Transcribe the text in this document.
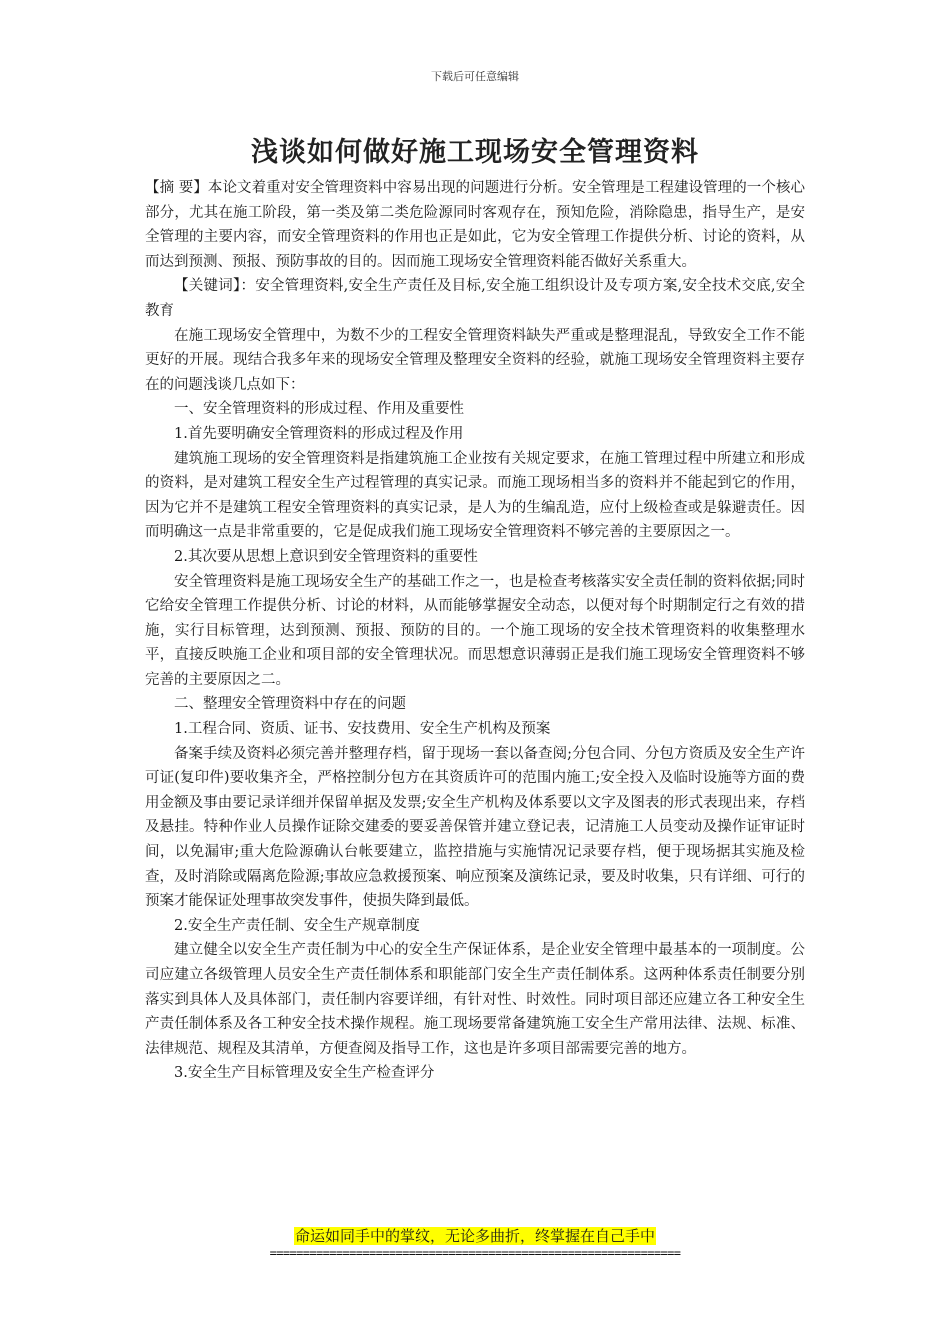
下载后可任意编辑
浅谈如何做好施工现场安全管理资料

【摘 要】本论文着重对安全管理资料中容易出现的问题进行分析。安全管理是工程建设管理的一个核心部分，尤其在施工阶段，第一类及第二类危险源同时客观存在，预知危险，消除隐患，指导生产，是安全管理的主要内容，而安全管理资料的作用也正是如此，它为安全管理工作提供分析、讨论的资料，从而达到预测、预报、预防事故的目的。因而施工现场安全管理资料能否做好关系重大。

【关键词】：安全管理资料,安全生产责任及目标,安全施工组织设计及专项方案,安全技术交底,安全教育

在施工现场安全管理中，为数不少的工程安全管理资料缺失严重或是整理混乱，导致安全工作不能更好的开展。现结合我多年来的现场安全管理及整理安全资料的经验，就施工现场安全管理资料主要存在的问题浅谈几点如下：

一、安全管理资料的形成过程、作用及重要性

1.首先要明确安全管理资料的形成过程及作用

建筑施工现场的安全管理资料是指建筑施工企业按有关规定要求，在施工管理过程中所建立和形成的资料，是对建筑工程安全生产过程管理的真实记录。而施工现场相当多的资料并不能起到它的作用，因为它并不是建筑工程安全管理资料的真实记录，是人为的生编乱造，应付上级检查或是躲避责任。因而明确这一点是非常重要的，它是促成我们施工现场安全管理资料不够完善的主要原因之一。

2.其次要从思想上意识到安全管理资料的重要性

安全管理资料是施工现场安全生产的基础工作之一，也是检查考核落实安全责任制的资料依据;同时它给安全管理工作提供分析、讨论的材料，从而能够掌握安全动态，以便对每个时期制定行之有效的措施，实行目标管理，达到预测、预报、预防的目的。一个施工现场的安全技术管理资料的收集整理水平，直接反映施工企业和项目部的安全管理状况。而思想意识薄弱正是我们施工现场安全管理资料不够完善的主要原因之二。

二、整理安全管理资料中存在的问题

1.工程合同、资质、证书、安技费用、安全生产机构及预案

备案手续及资料必须完善并整理存档，留于现场一套以备查阅;分包合同、分包方资质及安全生产许可证(复印件)要收集齐全，严格控制分包方在其资质许可的范围内施工;安全投入及临时设施等方面的费用金额及事由要记录详细并保留单据及发票;安全生产机构及体系要以文字及图表的形式表现出来，存档及悬挂。特种作业人员操作证除交建委的要妥善保管并建立登记表，记清施工人员变动及操作证审证时间，以免漏审;重大危险源确认台帐要建立，监控措施与实施情况记录要存档，便于现场据其实施及检查，及时消除或隔离危险源;事故应急救援预案、响应预案及演练记录，要及时收集，只有详细、可行的预案才能保证处理事故突发事件，使损失降到最低。

2.安全生产责任制、安全生产规章制度

建立健全以安全生产责任制为中心的安全生产保证体系，是企业安全管理中最基本的一项制度。公司应建立各级管理人员安全生产责任制体系和职能部门安全生产责任制体系。这两种体系责任制要分别落实到具体人及具体部门，责任制内容要详细，有针对性、时效性。同时项目部还应建立各工种安全生产责任制体系及各工种安全技术操作规程。施工现场要常备建筑施工安全生产常用法律、法规、标准、法律规范、规程及其清单，方便查阅及指导工作，这也是许多项目部需要完善的地方。

3.安全生产目标管理及安全生产检查评分

命运如同手中的掌纹，无论多曲折，终掌握在自己手中
==============================================================
